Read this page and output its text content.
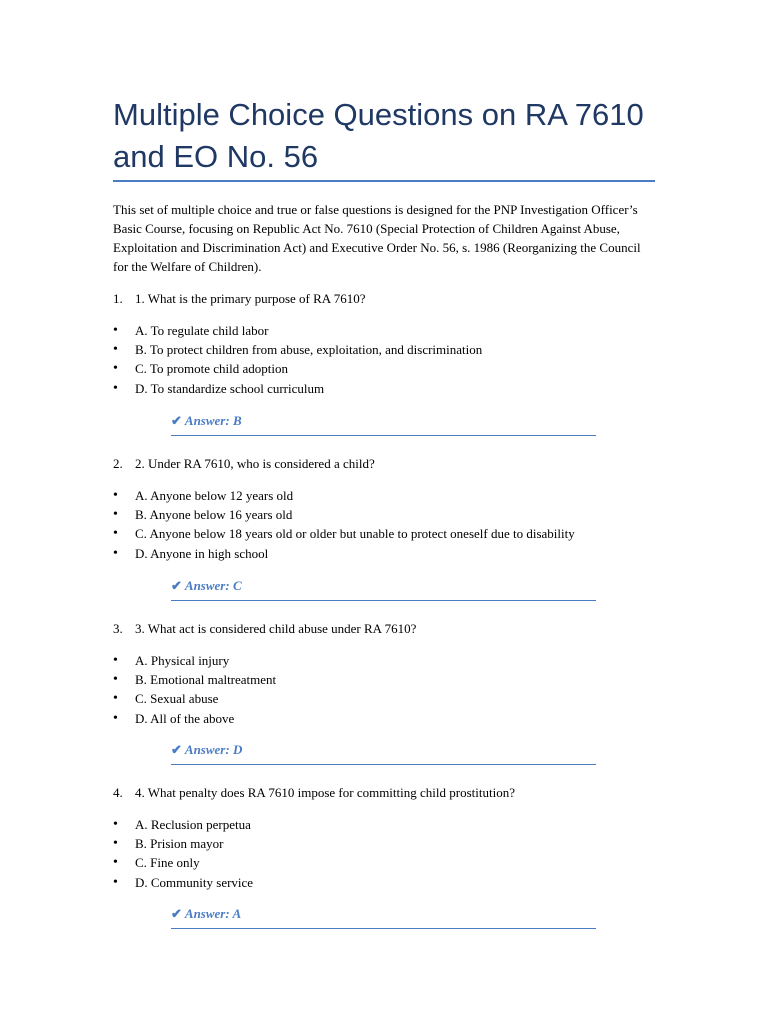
Multiple Choice Questions on RA 7610 and EO No. 56

This set of multiple choice and true or false questions is designed for the PNP Investigation Officer’s Basic Course, focusing on Republic Act No. 7610 (Special Protection of Children Against Abuse, Exploitation and Discrimination Act) and Executive Order No. 56, s. 1986 (Reorganizing the Council for the Welfare of Children).

1. 1. What is the primary purpose of RA 7610?

• A. To regulate child labor
• B. To protect children from abuse, exploitation, and discrimination
• C. To promote child adoption
• D. To standardize school curriculum
✔ Answer: B

2. 2. Under RA 7610, who is considered a child?

• A. Anyone below 12 years old
• B. Anyone below 16 years old
• C. Anyone below 18 years old or older but unable to protect oneself due to disability
• D. Anyone in high school
✔ Answer: C

3. 3. What act is considered child abuse under RA 7610?

• A. Physical injury
• B. Emotional maltreatment
• C. Sexual abuse
• D. All of the above
✔ Answer: D

4. 4. What penalty does RA 7610 impose for committing child prostitution?

• A. Reclusion perpetua
• B. Prision mayor
• C. Fine only
• D. Community service
✔ Answer: A
